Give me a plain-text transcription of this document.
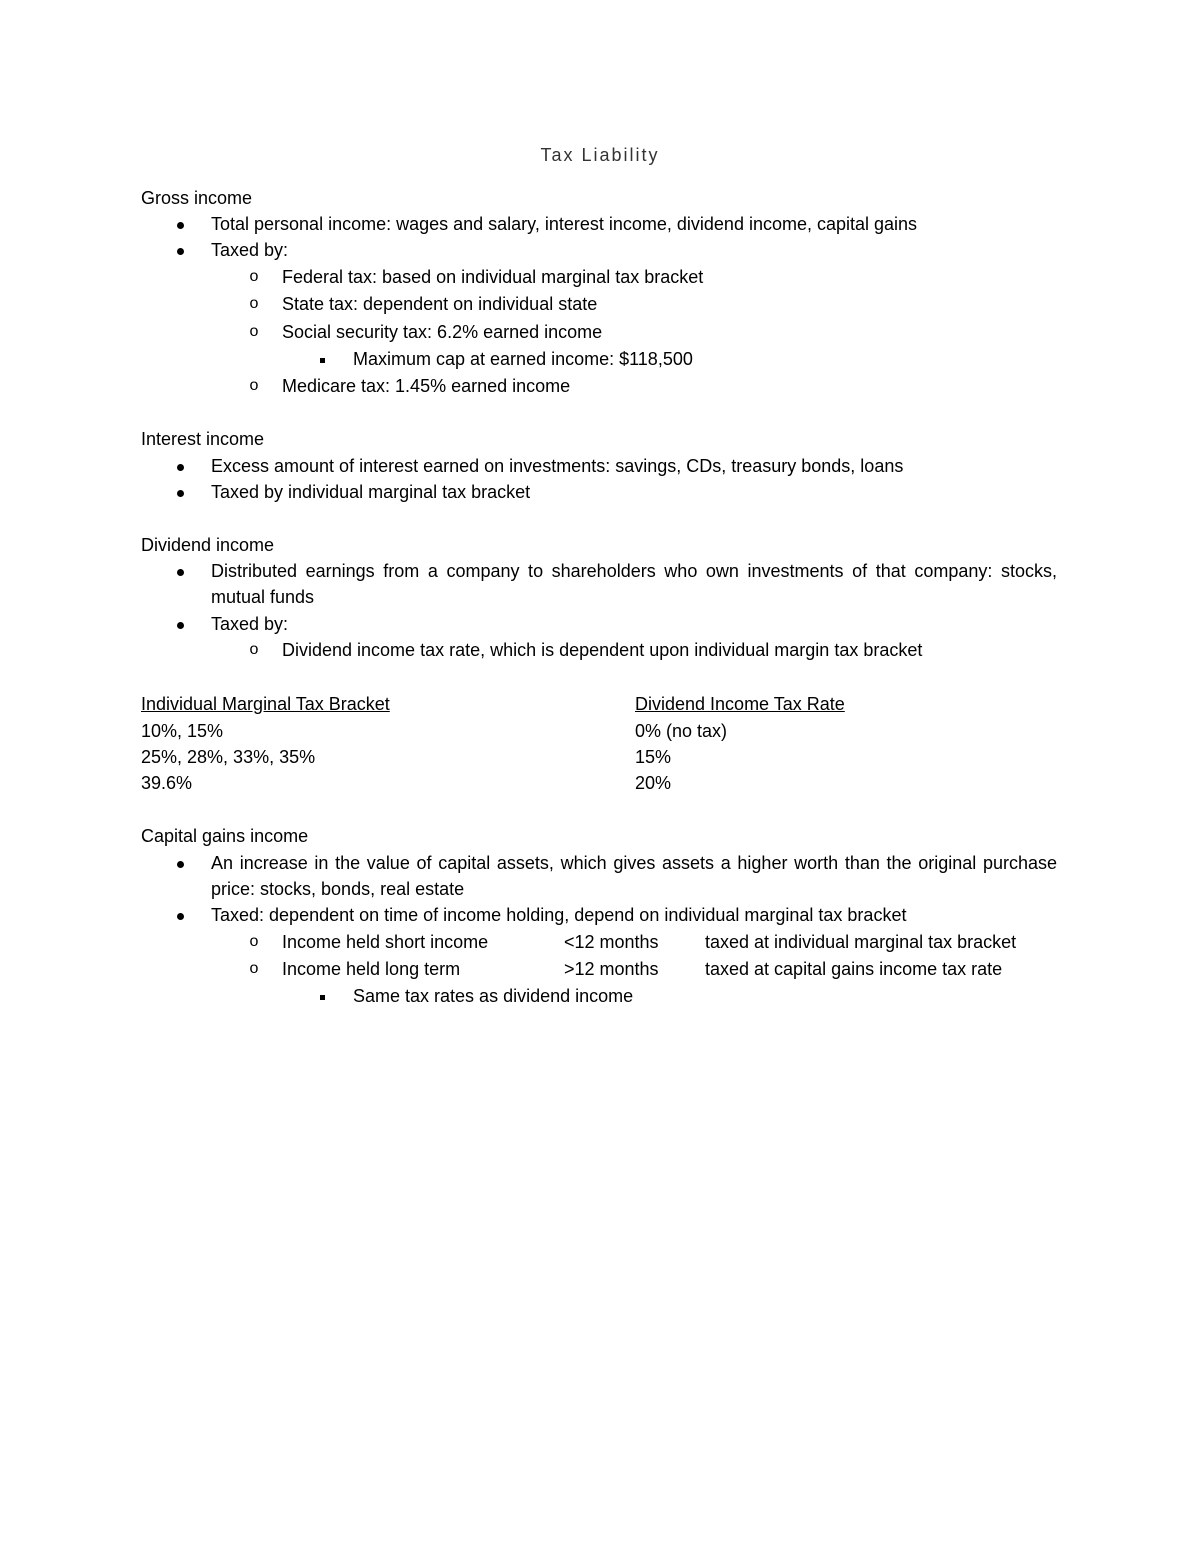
Tax Liability
Gross income
Total personal income: wages and salary, interest income, dividend income, capital gains
Taxed by:
o Federal tax: based on individual marginal tax bracket
o State tax: dependent on individual state
o Social security tax: 6.2% earned income
Maximum cap at earned income: $118,500
o Medicare tax: 1.45% earned income
Interest income
Excess amount of interest earned on investments: savings, CDs, treasury bonds, loans
Taxed by individual marginal tax bracket
Dividend income
Distributed earnings from a company to shareholders who own investments of that company: stocks, mutual funds
Taxed by:
o Dividend income tax rate, which is dependent upon individual margin tax bracket
Individual Marginal Tax Bracket	Dividend Income Tax Rate
10%, 15%	0% (no tax)
25%, 28%, 33%, 35%	15%
39.6%	20%
Capital gains income
An increase in the value of capital assets, which gives assets a higher worth than the original purchase price: stocks, bonds, real estate
Taxed: dependent on time of income holding, depend on individual marginal tax bracket
o Income held short income	<12 months	taxed at individual marginal tax bracket
o Income held long term	>12 months	taxed at capital gains income tax rate
Same tax rates as dividend income
